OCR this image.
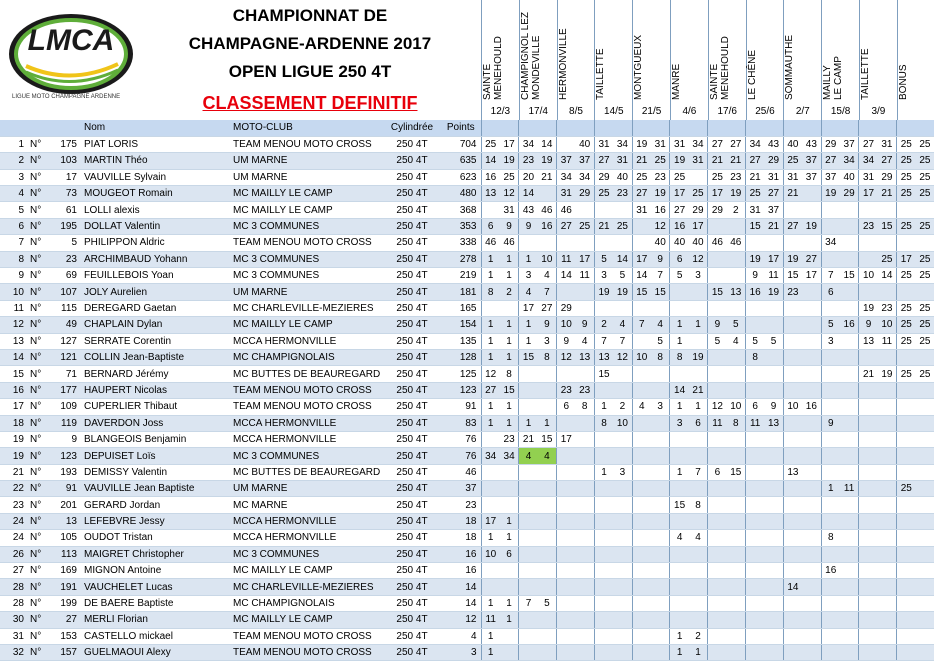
LMCA
LIGUE MOTO CHAMPAGNE ARDENNE
CHAMPIONNAT DE
CHAMPAGNE-ARDENNE 2017
OPEN LIGUE 250 4T
CLASSEMENT DEFINITIF
SAINTE
MENEHOULD
12/3
CHAMPIGNOL LEZ
MONDEVILLE
17/4
HERMONVILLE
8/5
TAILLETTE
14/5
MONTGUEUX
21/5
MANRE
4/6
SAINTE
MENEHOULD
17/6
LE CHÊNE
25/6
SOMMAUTHE
2/7
MAILLY
LE CAMP
15/8
TAILLETTE
3/9
BONUS
			Nom	MOTO-CLUB	Cylindrée	Points																								
1	N°	175	PIAT LORIS	TEAM MENOU MOTO CROSS	250 4T	704	25	17	34	14		40	31	34	19	31	31	34	27	27	34	43	40	43	29	37	27	31	25	25
2	N°	103	MARTIN Théo	UM MARNE	250 4T	635	14	19	23	19	37	37	27	31	21	25	19	31	21	21	27	29	25	37	27	34	34	27	25	25
3	N°	17	VAUVILLE Sylvain	UM MARNE	250 4T	623	16	25	20	21	34	34	29	40	25	23	25		25	23	21	31	31	37	37	40	31	29	25	25
4	N°	73	MOUGEOT Romain	MC MAILLY LE CAMP	250 4T	480	13	12	14		31	29	25	23	27	19	17	25	17	19	25	27	21		19	29	17	21	25	25
5	N°	61	LOLLI alexis	MC MAILLY LE CAMP	250 4T	368		31	43	46	46				31	16	27	29	29	2	31	37								
6	N°	195	DOLLAT Valentin	MC 3 COMMUNES	250 4T	353	6	9	9	16	27	25	21	25		12	16	17			15	21	27	19			23	15	25	25
7	N°	5	PHILIPPON Aldric	TEAM MENOU MOTO CROSS	250 4T	338	46	46								40	40	40	46	46					34					
8	N°	23	ARCHIMBAUD Yohann	MC 3 COMMUNES	250 4T	278	1	1	1	10	11	17	5	14	17	9	6	12			19	17	19	27				25	17	25
9	N°	69	FEUILLEBOIS Yoan	MC 3 COMMUNES	250 4T	219	1	1	3	4	14	11	3	5	14	7	5	3			9	11	15	17	7	15	10	14	25	25
10	N°	107	JOLY Aurelien	UM MARNE	250 4T	181	8	2	4	7			19	19	15	15			15	13	16	19	23		6					
11	N°	115	DEREGARD Gaetan	MC CHARLEVILLE-MEZIERES	250 4T	165			17	27	29																19	23	25	25
12	N°	49	CHAPLAIN Dylan	MC MAILLY LE CAMP	250 4T	154	1	1	1	9	10	9	2	4	7	4	1	1	9	5					5	16	9	10	25	25
13	N°	127	SERRATE Corentin	MCCA HERMONVILLE	250 4T	135	1	1	1	3	9	4	7	7		5	1		5	4	5	5			3		13	11	25	25
14	N°	121	COLLIN Jean-Baptiste	MC CHAMPIGNOLAIS	250 4T	128	1	1	15	8	12	13	13	12	10	8	8	19			8									
15	N°	71	BERNARD Jérémy	MC BUTTES DE BEAUREGARD	250 4T	125	12	8					15														21	19	25	25
16	N°	177	HAUPERT Nicolas	TEAM MENOU MOTO CROSS	250 4T	123	27	15			23	23					14	21												
17	N°	109	CUPERLIER Thibaut	TEAM MENOU MOTO CROSS	250 4T	91	1	1			6	8	1	2	4	3	1	1	12	10	6	9	10	16						
18	N°	119	DAVERDON Joss	MCCA HERMONVILLE	250 4T	83	1	1	1	1			8	10			3	6	11	8	11	13			9					
19	N°	9	BLANGEOIS Benjamin	MCCA HERMONVILLE	250 4T	76		23	21	15	17																			
19	N°	123	DEPUISET Loïs	MC 3 COMMUNES	250 4T	76	34	34	4	4																				
21	N°	193	DEMISSY Valentin	MC BUTTES DE BEAUREGARD	250 4T	46							1	3			1	7	6	15			13							
22	N°	91	VAUVILLE Jean Baptiste	UM MARNE	250 4T	37																			1	11			25	
23	N°	201	GERARD Jordan	MC MARNE	250 4T	23											15	8												
24	N°	13	LEFEBVRE Jessy	MCCA HERMONVILLE	250 4T	18	17	1																						
24	N°	105	OUDOT Tristan	MCCA HERMONVILLE	250 4T	18	1	1									4	4							8					
26	N°	113	MAIGRET Christopher	MC 3 COMMUNES	250 4T	16	10	6																						
27	N°	169	MIGNON Antoine	MC MAILLY LE CAMP	250 4T	16																			16					
28	N°	191	VAUCHELET Lucas	MC CHARLEVILLE-MEZIERES	250 4T	14																	14							
28	N°	199	DE BAERE Baptiste	MC CHAMPIGNOLAIS	250 4T	14	1	1	7	5																				
30	N°	27	MERLI Florian	MC MAILLY LE CAMP	250 4T	12	11	1																						
31	N°	153	CASTELLO mickael	TEAM MENOU MOTO CROSS	250 4T	4	1										1	2												
32	N°	157	GUELMAOUI Alexy	TEAM MENOU MOTO CROSS	250 4T	3	1										1	1												
